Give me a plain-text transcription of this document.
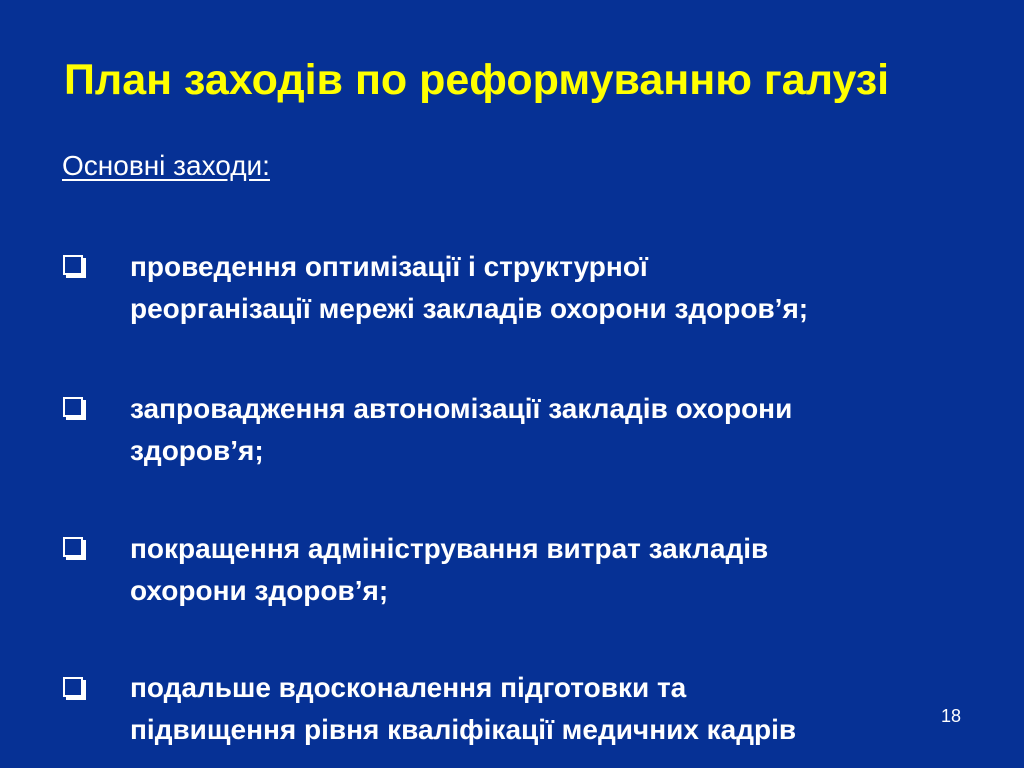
План заходів по реформуванню галузі
Основні заходи:
проведення оптимізації і структурної
реорганізації мережі закладів охорони здоров’я;
запровадження автономізації закладів охорони
здоров’я;
покращення адміністрування витрат закладів
охорони здоров’я;
подальше вдосконалення підготовки та
підвищення рівня кваліфікації медичних кадрів	18
